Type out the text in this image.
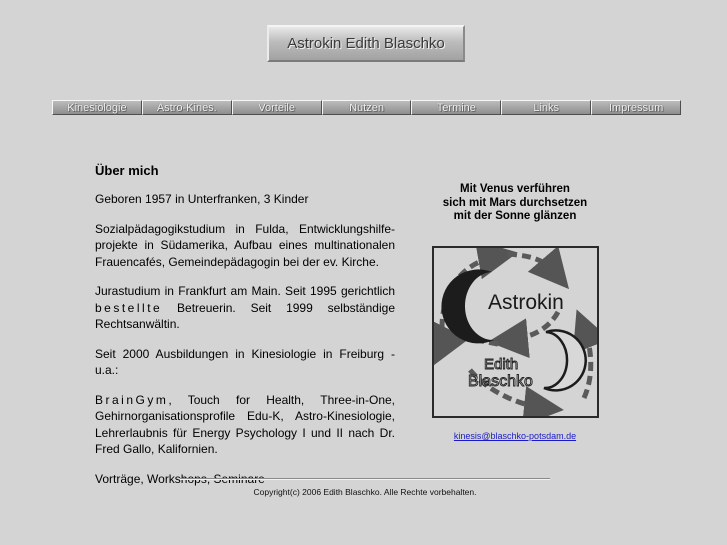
Astrokin Edith Blaschko
Kinesiologie	Astro-Kines.	Vorteile	Nutzen	Termine	Links	Impressum
Über mich

Geboren 1957 in Unterfranken, 3 Kinder

Sozialpädagogikstudium in Fulda, Entwicklungshilfe-projekte in Südamerika, Aufbau eines multinationalen Frauencafés, Gemeindepädagogin bei der ev. Kirche.

Jurastudium in Frankfurt am Main. Seit 1995 gerichtlich bestellte Betreuerin. Seit 1999 selbständige Rechtsanwältin.

Seit 2000 Ausbildungen in Kinesiologie in Freiburg - u.a.:

BrainGym, Touch for Health, Three-in-One, Gehirnorganisationsprofile Edu-K, Astro-Kinesiologie, Lehrerlaubnis für Energy Psychology I und II nach Dr. Fred Gallo, Kalifornien.

Vorträge, Workshops, Seminare

Mit Venus verführen
sich mit Mars durchsetzen
mit der Sonne glänzen
Astrokin
Edith
Blaschko
kinesis@blaschko-potsdam.de
Copyright(c) 2006 Edith Blaschko. Alle Rechte vorbehalten.
